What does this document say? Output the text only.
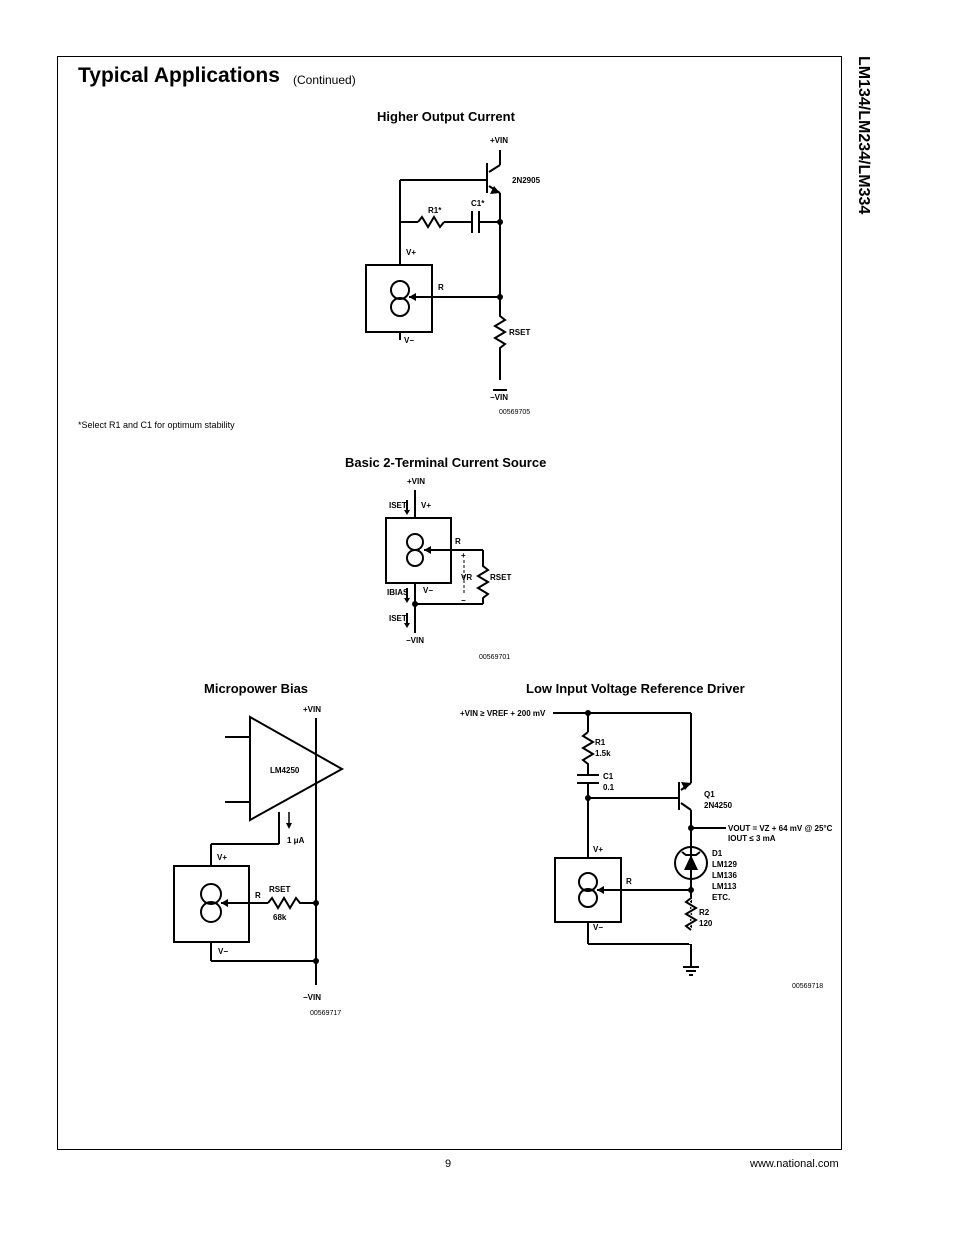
LM134/LM234/LM334
Typical Applications (Continued)
Higher Output Current
00569705
*Select R1 and C1 for optimum stability
Basic 2-Terminal Current Source
00569701
Micropower Bias
00569717
Low Input Voltage Reference Driver
00569718
9	www.national.com
+VIN
2N2905
R1*
C1*
V+
R
RSET
V−
−VIN
+VIN
ISET V+
R
+
VR RSET
−
IBIAS V−
ISET
−VIN
+VIN
LM4250
1 μA
V+
R
RSET
68k
V−
−VIN
+VIN ≥ VREF + 200 mV
R1
1.5k
C1
0.1
Q1
2N4250
VOUT = VZ + 64 mV @ 25°C
IOUT ≤ 3 mA
D1
LM129
LM136
LM113
ETC.
V+
R
R2
120
V−
